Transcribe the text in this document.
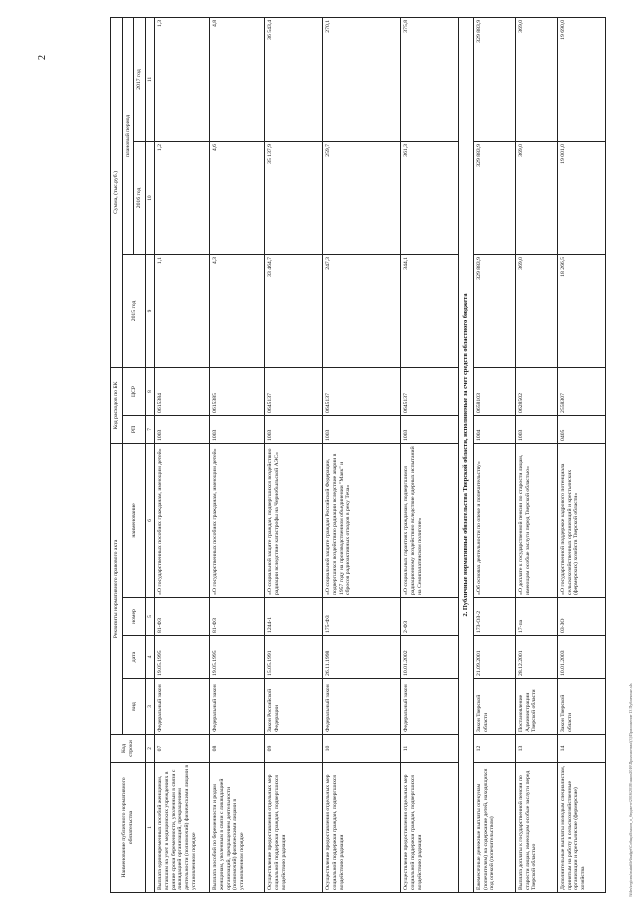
2
\\files\regions\mainfile\budget\Собщий\закон_о_бюджете\2016\2018\закон2016\Приложения\(3)\Приложение 13 Публичные.xls
Наименование публичного нормативного обязательства	Код строки	Реквизиты нормативного правового акта				Код расходов по БК		Сумма, (тыс.руб.)		
		вид	дата	номер	наименование	РП	ЦСР	2015 год	плановый период	
									2016 год	2017 год
1	2	3	4	5	6	7	8	9	10	11
Выплата единовременных пособий женщинам, вставшим на учет в медицинских учреждениях в ранние сроки беременности, уволенным в связи с ликвидацией организаций, прекращением деятельности (полномочий) физическими лицами в установленном порядке	07	Федеральный закон	19.05.1995	81-ФЗ	«О государственных пособиях гражданам, имеющим детей»	1003	0615384	1,1	1,2	1,3
Выплата пособий по беременности и родам женщинам, уволенным в связи с ликвидацией организаций, прекращением деятельности (полномочий) физическими лицами в установленном порядке	08	Федеральный закон	19.05.1995	81-ФЗ	«О государственных пособиях гражданам, имеющим детей»	1003	0615385	4,3	4,6	4,8
Осуществление предоставления отдельных мер социальной поддержки граждан, подвергшихся воздействию радиации	09	Закон Российской Федерации	15.05.1991	1244-1	«О социальной защите граждан, подвергшихся воздействию радиации вследствие катастрофы на Чернобыльской АЭС»	1003	0645137	33 464,7	35 137,9	36 543,4
Осуществление предоставления отдельных мер социальной поддержки граждан, подвергшихся воздействию радиации	10	Федеральный закон	26.11.1998	175-ФЗ	«О социальной защите граждан Российской Федерации, подвергшихся воздействию радиации вследствие аварии в 1957 году на производственном объединении "Маяк" и сбросов радиоактивных отходов в реку Теча»	1003	0645137	247,3	259,7	270,1
Осуществление предоставления отдельных мер социальной поддержки граждан, подвергшихся воздействию радиации	11	Федеральный закон	10.01.2002	2-ФЗ	«О социальных гарантиях гражданам, подвергшимся радиационному воздействию вследствие ядерных испытаний на Семипалатинском полигоне»	1003	0645137	344,1	361,3	375,8
2. Публичные нормативные обязательства Тверской области, исполняемые за счет средств областного бюджета										
Ежемесячные денежные выплаты опекунам (попечителям) на содержание детей, находящихся под опекой (попечительством)	12	Закон Тверской области	21.09.2001	173-ОЗ-2	«Об основах деятельности по опеке и попечительству»	1004	0658103	329 883,9	329 883,9	329 883,9
Выплата доплаты к государственной пенсии по старости лицам, имеющим особые заслуги перед Тверской областью	13	Постановление Администрации Тверской области	28.12.2001	17-па	«О доплате к государственной пенсии по старости лицам, имеющим особые заслуги перед Тверской областью»	1003	0628502	369,0	369,0	369,0
Дополнительные выплаты молодым специалистам, принятым на работу в сельскохозяйственные организации и крестьянские (фермерские) хозяйства	14	Закон Тверской области	10.01.2003	03-ЗО	«О государственной поддержке кадрового потенциала сельскохозяйственных организаций и крестьянских (фермерских) хозяйств Тверской области»	0405	2558307	18 266,5	19 001,0	19 690,0
